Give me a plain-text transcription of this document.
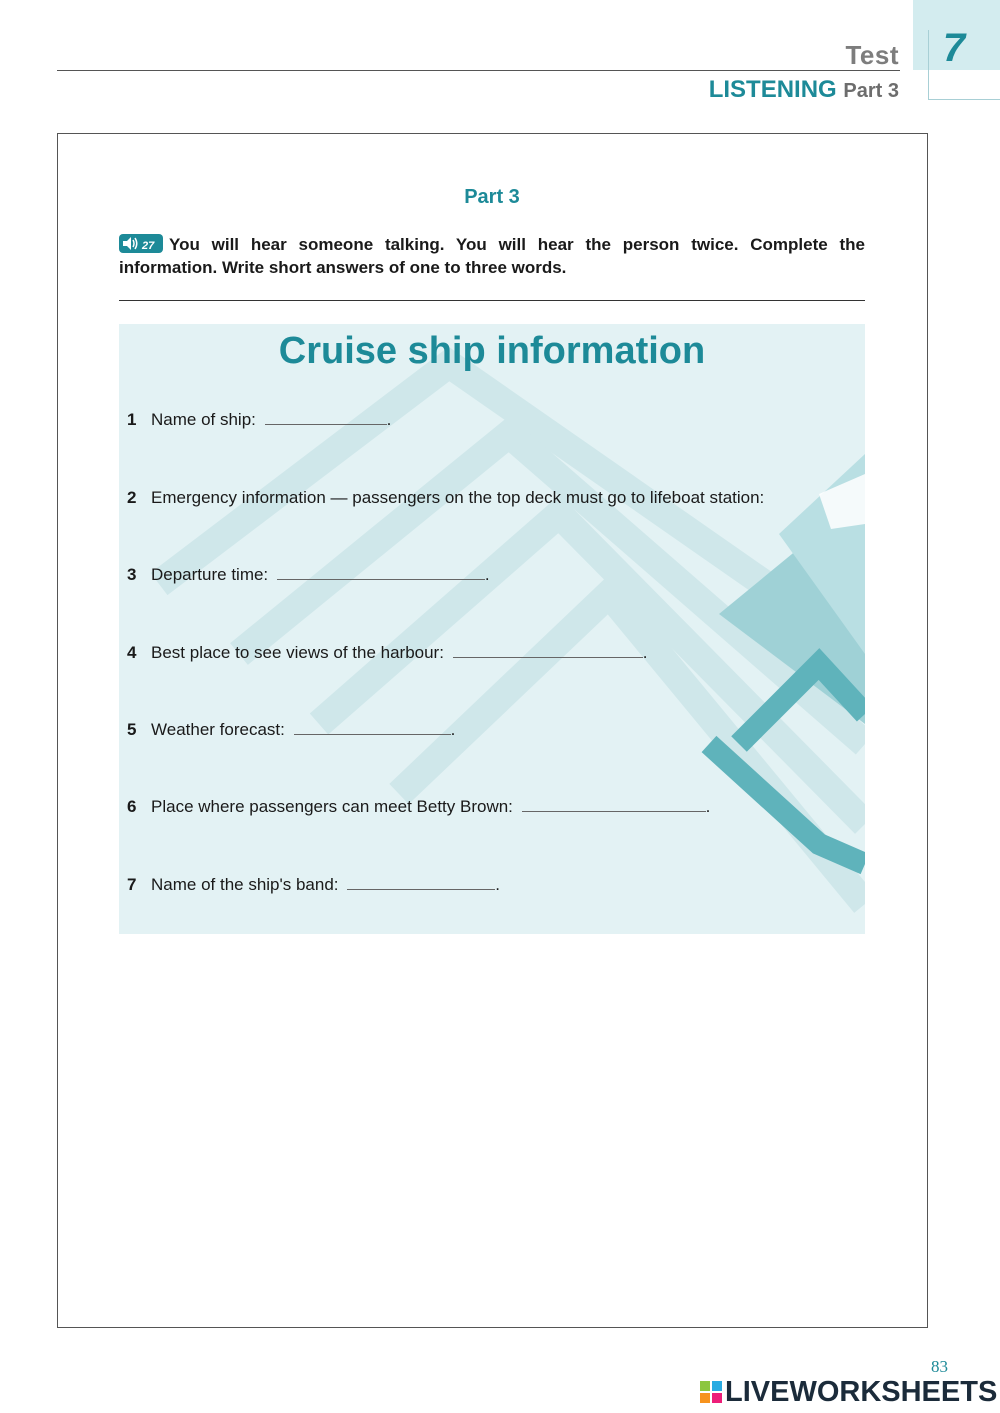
Test
LISTENING Part 3
7
Part 3
27 You will hear someone talking. You will hear the person twice. Complete the information. Write short answers of one to three words.
Cruise ship information
1 Name of ship:	.
2 Emergency information — passengers on the top deck must go to lifeboat station:
3 Departure time:	.
4 Best place to see views of the harbour:	.
5 Weather forecast:	.
6 Place where passengers can meet Betty Brown:	.
7 Name of the ship's band:	.
83
LIVEWORKSHEETS
